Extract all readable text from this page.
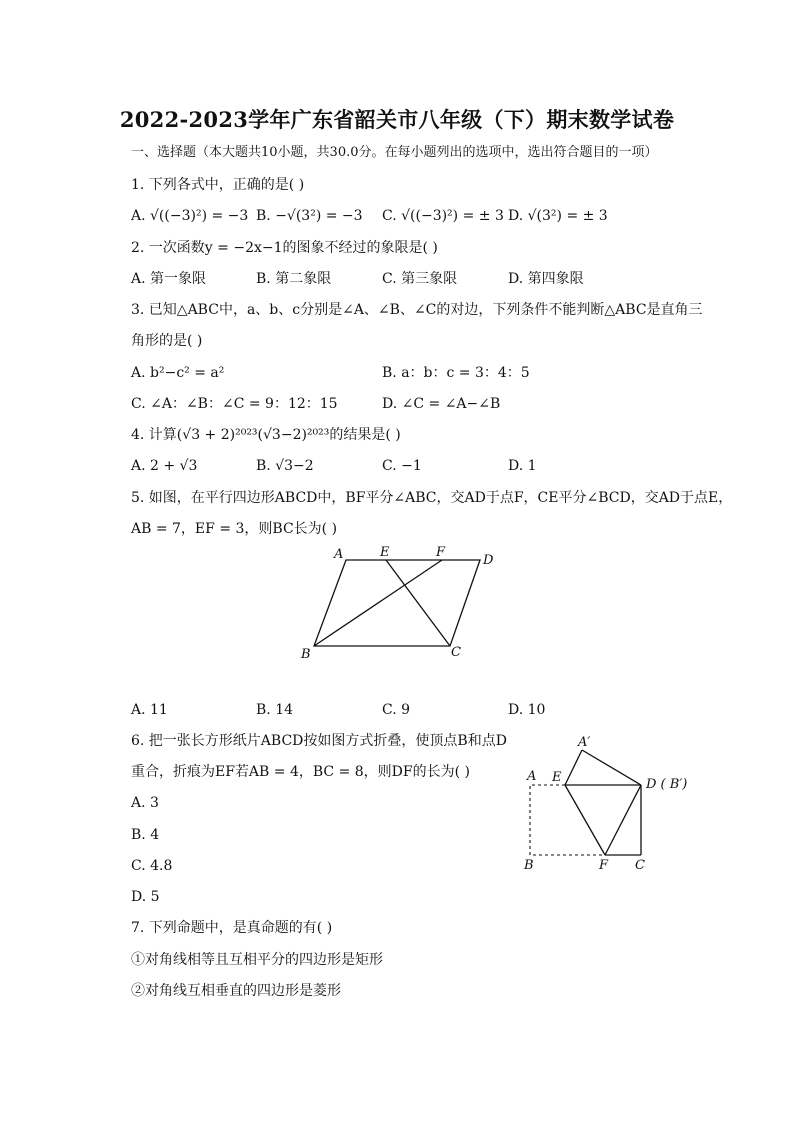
2022-2023学年广东省韶关市八年级（下）期末数学试卷
一、选择题（本大题共10小题，共30.0分。在每小题列出的选项中，选出符合题目的一项）
1. 下列各式中，正确的是( )
A. √((−3)²) = −3 B. −√(3²) = −3 C. √((−3)²) = ± 3 D. √(3²) = ± 3
2. 一次函数y = −2x−1的图象不经过的象限是( )
A. 第一象限	B. 第二象限	C. 第三象限	D. 第四象限
3. 已知△ABC中，a、b、c分别是∠A、∠B、∠C的对边，下列条件不能判断△ABC是直角三
角形的是( )
A. b²−c² = a²	B. a：b：c = 3：4：5
C. ∠A：∠B：∠C = 9：12：15	D. ∠C = ∠A−∠B
4. 计算(√3 + 2)²⁰²³(√3−2)²⁰²³的结果是( )
A. 2 + √3	B. √3−2	C. −1	D. 1
5. 如图，在平行四边形ABCD中，BF平分∠ABC，交AD于点F，CE平分∠BCD，交AD于点E，
AB = 7，EF = 3，则BC长为( )
A	E	F
D
B	C
A. 11	B. 14	C. 9	D. 10
6. 把一张长方形纸片ABCD按如图方式折叠，使顶点B和点D
重合，折痕为EF若AB = 4，BC = 8，则DF的长为( )
A. 3
B. 4
C. 4.8
D. 5
A′
A E	D ( B′)
B	F C
7. 下列命题中，是真命题的有( )
①对角线相等且互相平分的四边形是矩形
②对角线互相垂直的四边形是菱形
